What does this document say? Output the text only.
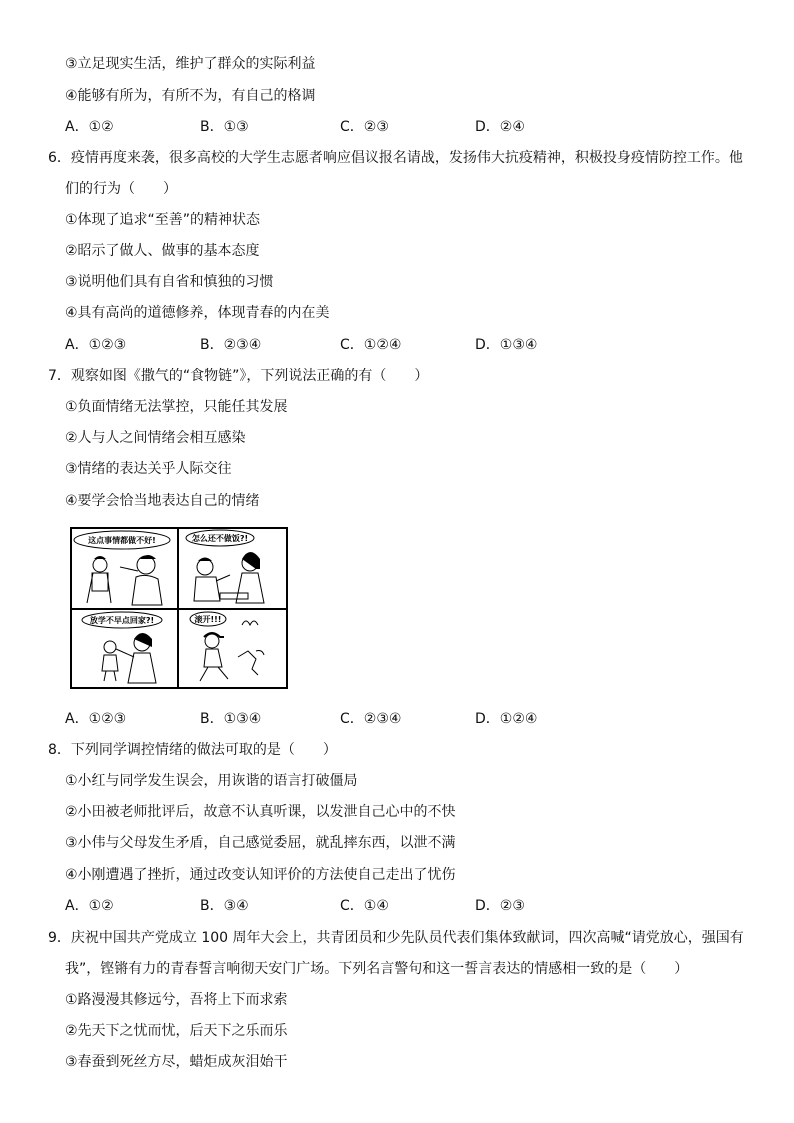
③立足现实生活，维护了群众的实际利益
④能够有所为，有所不为，有自己的格调
A．①②	B．①③	C．②③	D．②④
6．疫情再度来袭，很多高校的大学生志愿者响应倡议报名请战，发扬伟大抗疫精神，积极投身疫情防控工作。他
们的行为（　　）
①体现了追求“至善”的精神状态
②昭示了做人、做事的基本态度
③说明他们具有自省和慎独的习惯
④具有高尚的道德修养，体现青春的内在美
A．①②③	B．②③④	C．①②④	D．①③④
7．观察如图《撒气的“食物链”》，下列说法正确的有（　　）
①负面情绪无法掌控，只能任其发展
②人与人之间情绪会相互感染
③情绪的表达关乎人际交往
④要学会恰当地表达自己的情绪
这点事情都做不好!	怎么还不做饭?!
放学不早点回家?!	滚开!!!
A．①②③	B．①③④	C．②③④	D．①②④
8．下列同学调控情绪的做法可取的是（　　）
①小红与同学发生误会，用诙谐的语言打破僵局
②小田被老师批评后，故意不认真听课，以发泄自己心中的不快
③小伟与父母发生矛盾，自己感觉委屈，就乱摔东西，以泄不满
④小刚遭遇了挫折，通过改变认知评价的方法使自己走出了忧伤
A．①②	B．③④	C．①④	D．②③
9．庆祝中国共产党成立 100 周年大会上，共青团员和少先队员代表们集体致献词，四次高喊“请党放心，强国有
我”，铿锵有力的青春誓言响彻天安门广场。下列名言警句和这一誓言表达的情感相一致的是（　　）
①路漫漫其修远兮，吾将上下而求索
②先天下之忧而忧，后天下之乐而乐
③春蚕到死丝方尽，蜡炬成灰泪始干
